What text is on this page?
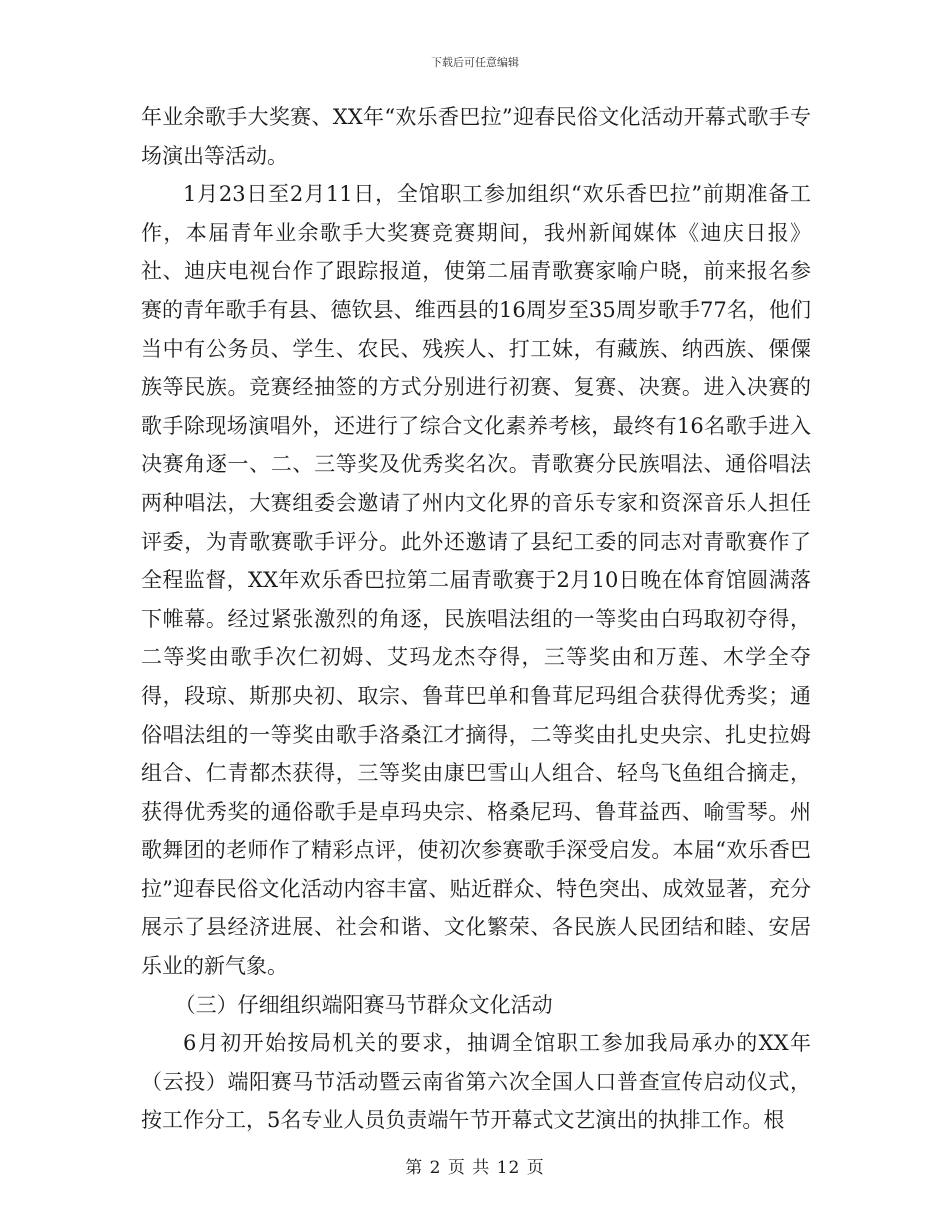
下载后可任意编辑

年业余歌手大奖赛、XX年“欢乐香巴拉”迎春民俗文化活动开幕式歌手专场演出等活动。

1月23日至2月11日，全馆职工参加组织“欢乐香巴拉”前期准备工作，本届青年业余歌手大奖赛竞赛期间，我州新闻媒体《迪庆日报》社、迪庆电视台作了跟踪报道，使第二届青歌赛家喻户晓，前来报名参赛的青年歌手有县、德钦县、维西县的16周岁至35周岁歌手77名，他们当中有公务员、学生、农民、残疾人、打工妹，有藏族、纳西族、傈僳族等民族。竞赛经抽签的方式分别进行初赛、复赛、决赛。进入决赛的歌手除现场演唱外，还进行了综合文化素养考核，最终有16名歌手进入决赛角逐一、二、三等奖及优秀奖名次。青歌赛分民族唱法、通俗唱法两种唱法，大赛组委会邀请了州内文化界的音乐专家和资深音乐人担任评委，为青歌赛歌手评分。此外还邀请了县纪工委的同志对青歌赛作了全程监督，XX年欢乐香巴拉第二届青歌赛于2月10日晚在体育馆圆满落下帷幕。经过紧张激烈的角逐，民族唱法组的一等奖由白玛取初夺得，二等奖由歌手次仁初姆、艾玛龙杰夺得，三等奖由和万莲、木学全夺得，段琼、斯那央初、取宗、鲁茸巴单和鲁茸尼玛组合获得优秀奖；通俗唱法组的一等奖由歌手洛桑江才摘得，二等奖由扎史央宗、扎史拉姆组合、仁青都杰获得，三等奖由康巴雪山人组合、轻鸟飞鱼组合摘走，获得优秀奖的通俗歌手是卓玛央宗、格桑尼玛、鲁茸益西、喻雪琴。州歌舞团的老师作了精彩点评，使初次参赛歌手深受启发。本届“欢乐香巴拉”迎春民俗文化活动内容丰富、贴近群众、特色突出、成效显著，充分展示了县经济进展、社会和谐、文化繁荣、各民族人民团结和睦、安居乐业的新气象。

（三）仔细组织端阳赛马节群众文化活动

6月初开始按局机关的要求，抽调全馆职工参加我局承办的XX年（云投）端阳赛马节活动暨云南省第六次全国人口普查宣传启动仪式，按工作分工，5名专业人员负责端午节开幕式文艺演出的执排工作。根

第 2 页 共 12 页
